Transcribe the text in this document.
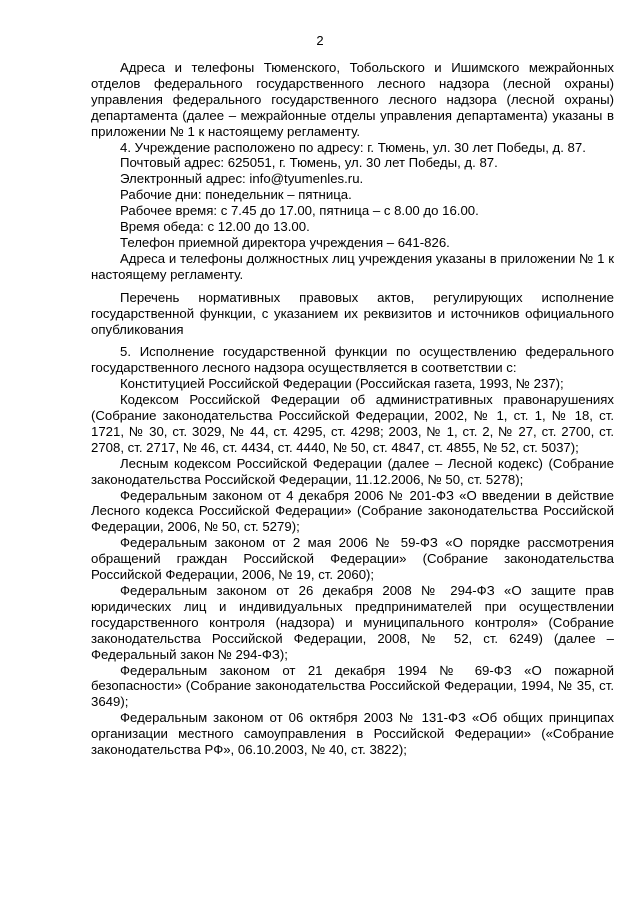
2

Адреса и телефоны Тюменского, Тобольского и Ишимского межрайонных отделов федерального государственного лесного надзора (лесной охраны) управления федерального государственного лесного надзора (лесной охраны) департамента (далее – межрайонные отделы управления департамента) указаны в приложении № 1 к настоящему регламенту.

4. Учреждение расположено по адресу: г. Тюмень, ул. 30 лет Победы, д. 87.

Почтовый адрес: 625051, г. Тюмень, ул. 30 лет Победы, д. 87.

Электронный адрес: info@tyumenles.ru.

Рабочие дни: понедельник – пятница.

Рабочее время: с 7.45 до 17.00, пятница – с 8.00 до 16.00.

Время обеда: с 12.00 до 13.00.

Телефон приемной директора учреждения – 641-826.

Адреса и телефоны должностных лиц учреждения указаны в приложении № 1 к настоящему регламенту.

Перечень нормативных правовых актов, регулирующих исполнение государственной функции, с указанием их реквизитов и источников официального опубликования

5. Исполнение государственной функции по осуществлению федерального государственного лесного надзора осуществляется в соответствии с:

Конституцией Российской Федерации (Российская газета, 1993, № 237);

Кодексом Российской Федерации об административных правонарушениях (Собрание законодательства Российской Федерации, 2002, № 1, ст. 1, № 18, ст. 1721, № 30, ст. 3029, № 44, ст. 4295, ст. 4298; 2003, № 1, ст. 2, № 27, ст. 2700, ст. 2708, ст. 2717, № 46, ст. 4434, ст. 4440, № 50, ст. 4847, ст. 4855, № 52, ст. 5037);

Лесным кодексом Российской Федерации (далее – Лесной кодекс) (Собрание законодательства Российской Федерации, 11.12.2006, № 50, ст. 5278);

Федеральным законом от 4 декабря 2006 № 201-ФЗ «О введении в действие Лесного кодекса Российской Федерации» (Собрание законодательства Российской Федерации, 2006, № 50, ст. 5279);

Федеральным законом от 2 мая 2006 № 59-ФЗ «О порядке рассмотрения обращений граждан Российской Федерации» (Собрание законодательства Российской Федерации, 2006, № 19, ст. 2060);

Федеральным законом от 26 декабря 2008 № 294-ФЗ «О защите прав юридических лиц и индивидуальных предпринимателей при осуществлении государственного контроля (надзора) и муниципального контроля» (Собрание законодательства Российской Федерации, 2008, № 52, ст. 6249) (далее – Федеральный закон № 294-ФЗ);

Федеральным законом от 21 декабря 1994 № 69-ФЗ «О пожарной безопасности» (Собрание законодательства Российской Федерации, 1994, № 35, ст. 3649);

Федеральным законом от 06 октября 2003 № 131-ФЗ «Об общих принципах организации местного самоуправления в Российской Федерации» («Собрание законодательства РФ», 06.10.2003, № 40, ст. 3822);
